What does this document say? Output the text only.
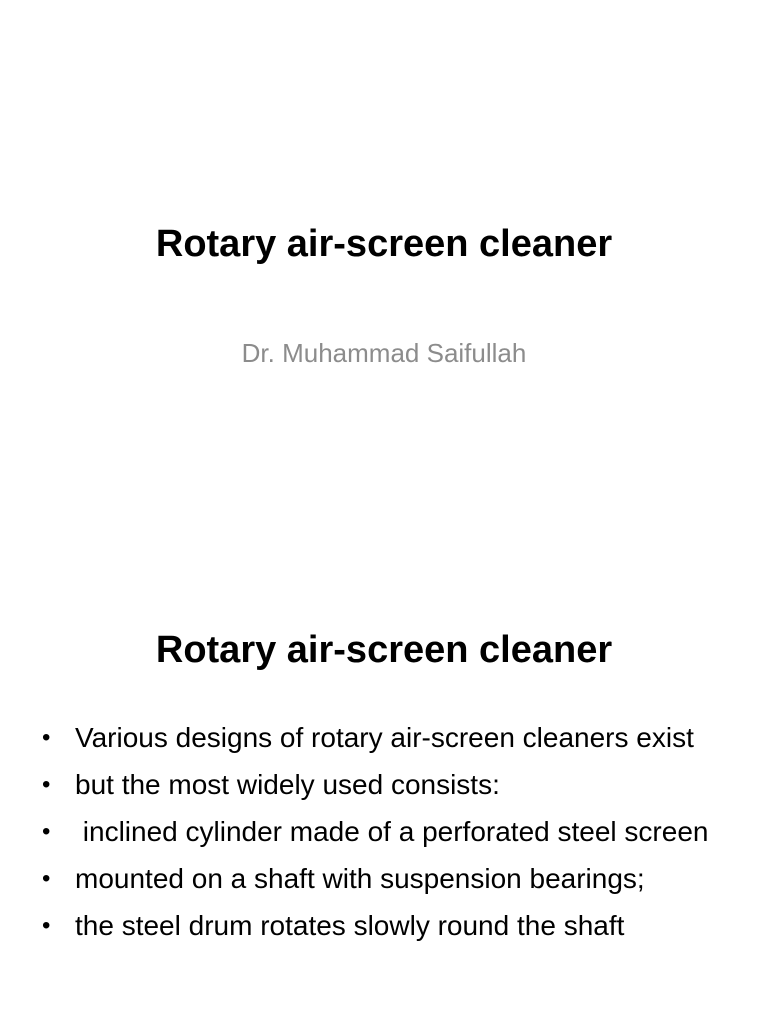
Rotary air-screen cleaner
Dr. Muhammad Saifullah
Rotary air-screen cleaner
• Various designs of rotary air-screen cleaners exist
• but the most widely used consists:
• inclined cylinder made of a perforated steel screen
• mounted on a shaft with suspension bearings;
• the steel drum rotates slowly round the shaft
